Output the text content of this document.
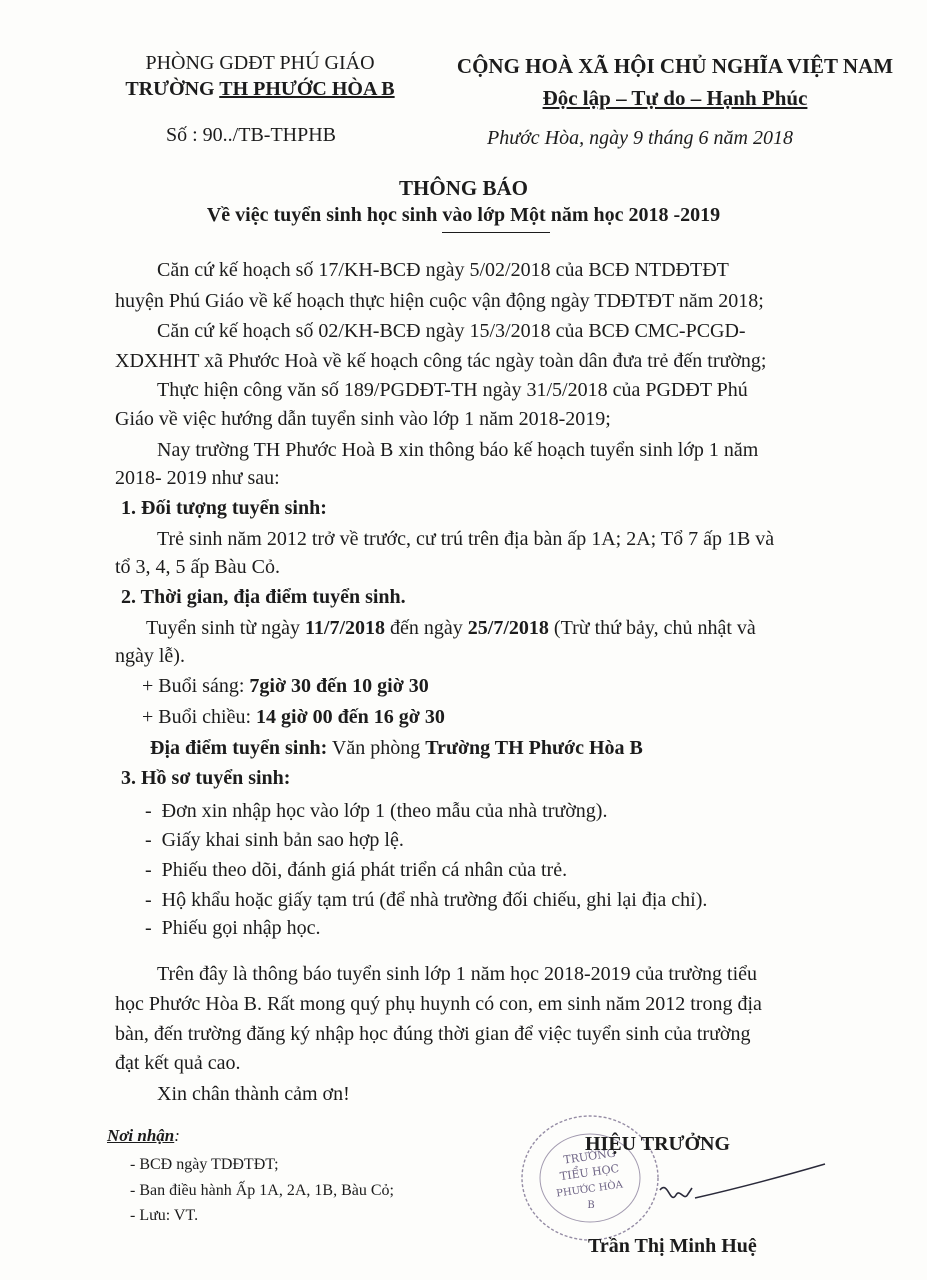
PHÒNG GDĐT PHÚ GIÁO
TRƯỜNG TH PHƯỚC HÒA B
Số : 90../TB-THPHB
CỘNG HOÀ XÃ HỘI CHỦ NGHĨA VIỆT NAM
Độc lập – Tự do – Hạnh Phúc
Phước Hòa, ngày 9 tháng 6 năm 2018
THÔNG BÁO
Về việc tuyển sinh học sinh vào lớp Một năm học 2018 -2019
Căn cứ kế hoạch số 17/KH-BCĐ ngày 5/02/2018 của BCĐ NTDĐTĐT
huyện Phú Giáo về kế hoạch thực hiện cuộc vận động ngày TDĐTĐT năm 2018;
Căn cứ kế hoạch số 02/KH-BCĐ ngày 15/3/2018 của BCĐ CMC-PCGD-
XDXHHT xã Phước Hoà về kế hoạch công tác ngày toàn dân đưa trẻ đến trường;
Thực hiện công văn số 189/PGDĐT-TH ngày 31/5/2018 của PGDĐT Phú
Giáo về việc hướng dẫn tuyển sinh vào lớp 1 năm 2018-2019;
Nay trường TH Phước Hoà B xin thông báo kế hoạch tuyển sinh lớp 1 năm
2018- 2019 như sau:
1. Đối tượng tuyển sinh:
Trẻ sinh năm 2012 trở về trước, cư trú trên địa bàn ấp 1A; 2A; Tổ 7 ấp 1B và
tổ 3, 4, 5 ấp Bàu Cỏ.
2. Thời gian, địa điểm tuyển sinh.
Tuyển sinh từ ngày 11/7/2018 đến ngày 25/7/2018 (Trừ thứ bảy, chủ nhật và
ngày lễ).
+ Buổi sáng: 7giờ 30 đến 10 giờ 30
+ Buổi chiều: 14 giờ 00 đến 16 gờ 30
Địa điểm tuyển sinh: Văn phòng Trường TH Phước Hòa B
3. Hồ sơ tuyển sinh:
-  Đơn xin nhập học vào lớp 1 (theo mẫu của nhà trường).
-  Giấy khai sinh bản sao hợp lệ.
-  Phiếu theo dõi, đánh giá phát triển cá nhân của trẻ.
-  Hộ khẩu hoặc giấy tạm trú (để nhà trường đối chiếu, ghi lại địa chỉ).
-  Phiếu gọi nhập học.
Trên đây là thông báo tuyển sinh lớp 1 năm học 2018-2019 của trường tiểu
học Phước Hòa B. Rất mong quý phụ huynh có con, em sinh năm 2012 trong địa
bàn, đến trường đăng ký nhập học đúng thời gian để việc tuyển sinh của trường
đạt kết quả cao.
Xin chân thành cảm ơn!
Nơi nhận:
- BCĐ ngày TDĐTĐT;
- Ban điều hành Ấp 1A, 2A, 1B, Bàu Cỏ;
- Lưu: VT.
TRƯỜNG
TIỂU HỌC
PHƯỚC HÒA
B
HIỆU TRƯỞNG
Trần Thị Minh Huệ
